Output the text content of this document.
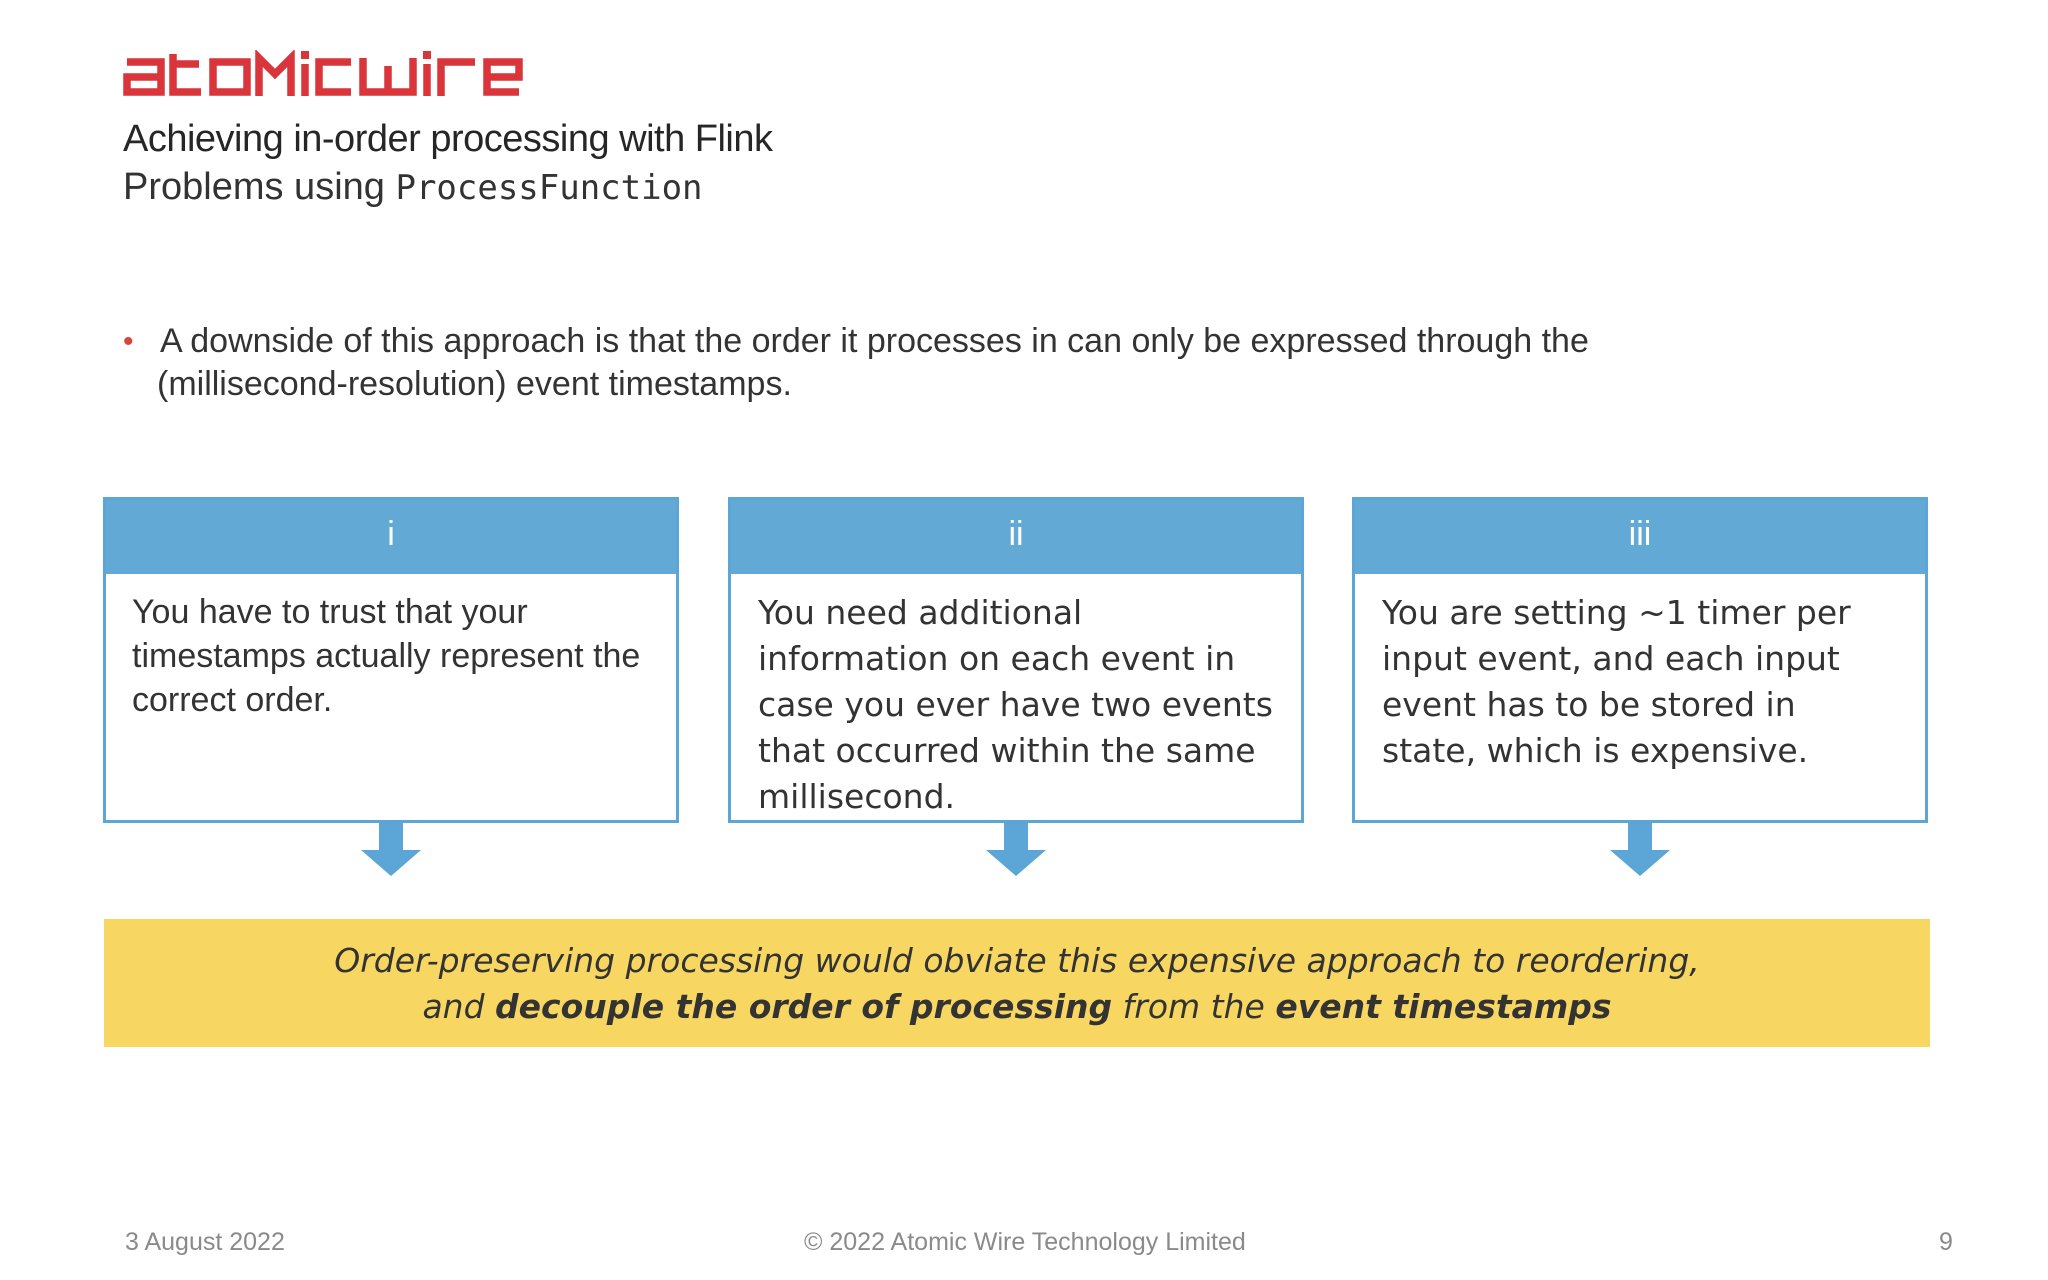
Achieving in-order processing with Flink
Problems using ProcessFunction
• A downside of this approach is that the order it processes in can only be expressed through the
(millisecond-resolution) event timestamps.
i
You have to trust that your timestamps actually represent the correct order.
ii
You need additional information on each event in case you ever have two events that occurred within the same millisecond.
iii
You are setting ~1 timer per input event, and each input event has to be stored in state, which is expensive.
Order-preserving processing would obviate this expensive approach to reordering,
and decouple the order of processing from the event timestamps
3 August 2022	© 2022 Atomic Wire Technology Limited	9
